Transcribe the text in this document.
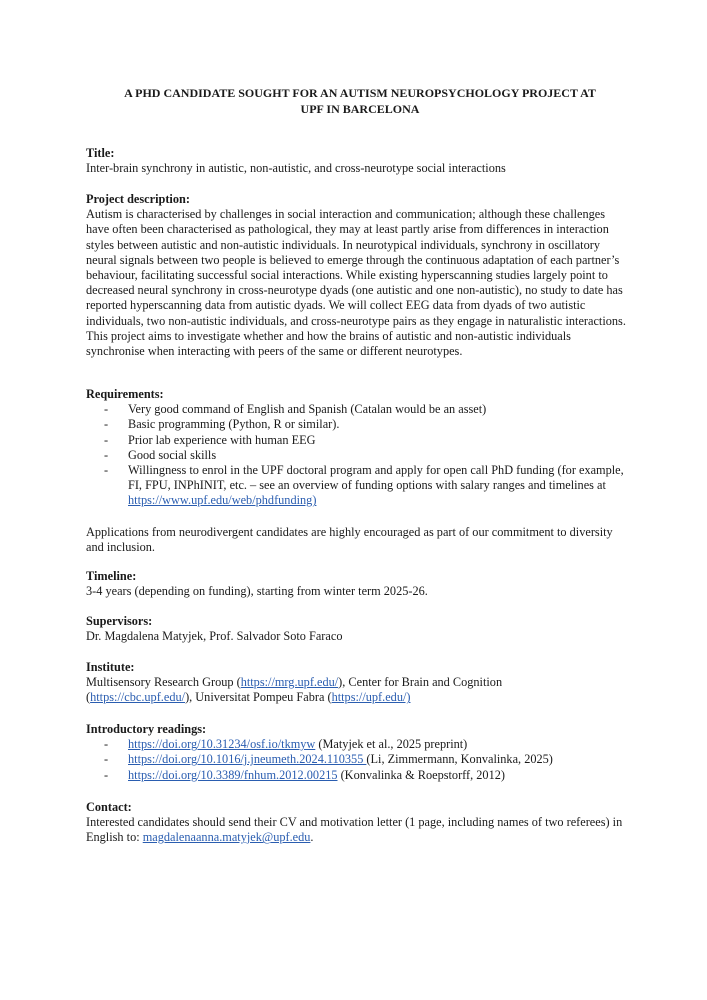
A PHD CANDIDATE SOUGHT FOR AN AUTISM NEUROPSYCHOLOGY PROJECT AT
UPF IN BARCELONA
Title:
Inter-brain synchrony in autistic, non-autistic, and cross-neurotype social interactions
Project description:
Autism is characterised by challenges in social interaction and communication; although these challenges have often been characterised as pathological, they may at least partly arise from differences in interaction styles between autistic and non-autistic individuals. In neurotypical individuals, synchrony in oscillatory neural signals between two people is believed to emerge through the continuous adaptation of each partner’s behaviour, facilitating successful social interactions. While existing hyperscanning studies largely point to decreased neural synchrony in cross-neurotype dyads (one autistic and one non-autistic), no study to date has reported hyperscanning data from autistic dyads. We will collect EEG data from dyads of two autistic individuals, two non-autistic individuals, and cross-neurotype pairs as they engage in naturalistic interactions. This project aims to investigate whether and how the brains of autistic and non-autistic individuals synchronise when interacting with peers of the same or different neurotypes.
Requirements:
- Very good command of English and Spanish (Catalan would be an asset)
- Basic programming (Python, R or similar).
- Prior lab experience with human EEG
- Good social skills
- Willingness to enrol in the UPF doctoral program and apply for open call PhD funding (for example, FI, FPU, INPhINIT, etc. – see an overview of funding options with salary ranges and timelines at https://www.upf.edu/web/phdfunding)
Applications from neurodivergent candidates are highly encouraged as part of our commitment to diversity and inclusion.
Timeline:
3-4 years (depending on funding), starting from winter term 2025-26.
Supervisors:
Dr. Magdalena Matyjek, Prof. Salvador Soto Faraco
Institute:
Multisensory Research Group (https://mrg.upf.edu/), Center for Brain and Cognition (https://cbc.upf.edu/), Universitat Pompeu Fabra (https://upf.edu/)
Introductory readings:
- https://doi.org/10.31234/osf.io/tkmyw (Matyjek et al., 2025 preprint)
- https://doi.org/10.1016/j.jneumeth.2024.110355 (Li, Zimmermann, Konvalinka, 2025)
- https://doi.org/10.3389/fnhum.2012.00215 (Konvalinka & Roepstorff, 2012)
Contact:
Interested candidates should send their CV and motivation letter (1 page, including names of two referees) in English to: magdalenaanna.matyjek@upf.edu.
